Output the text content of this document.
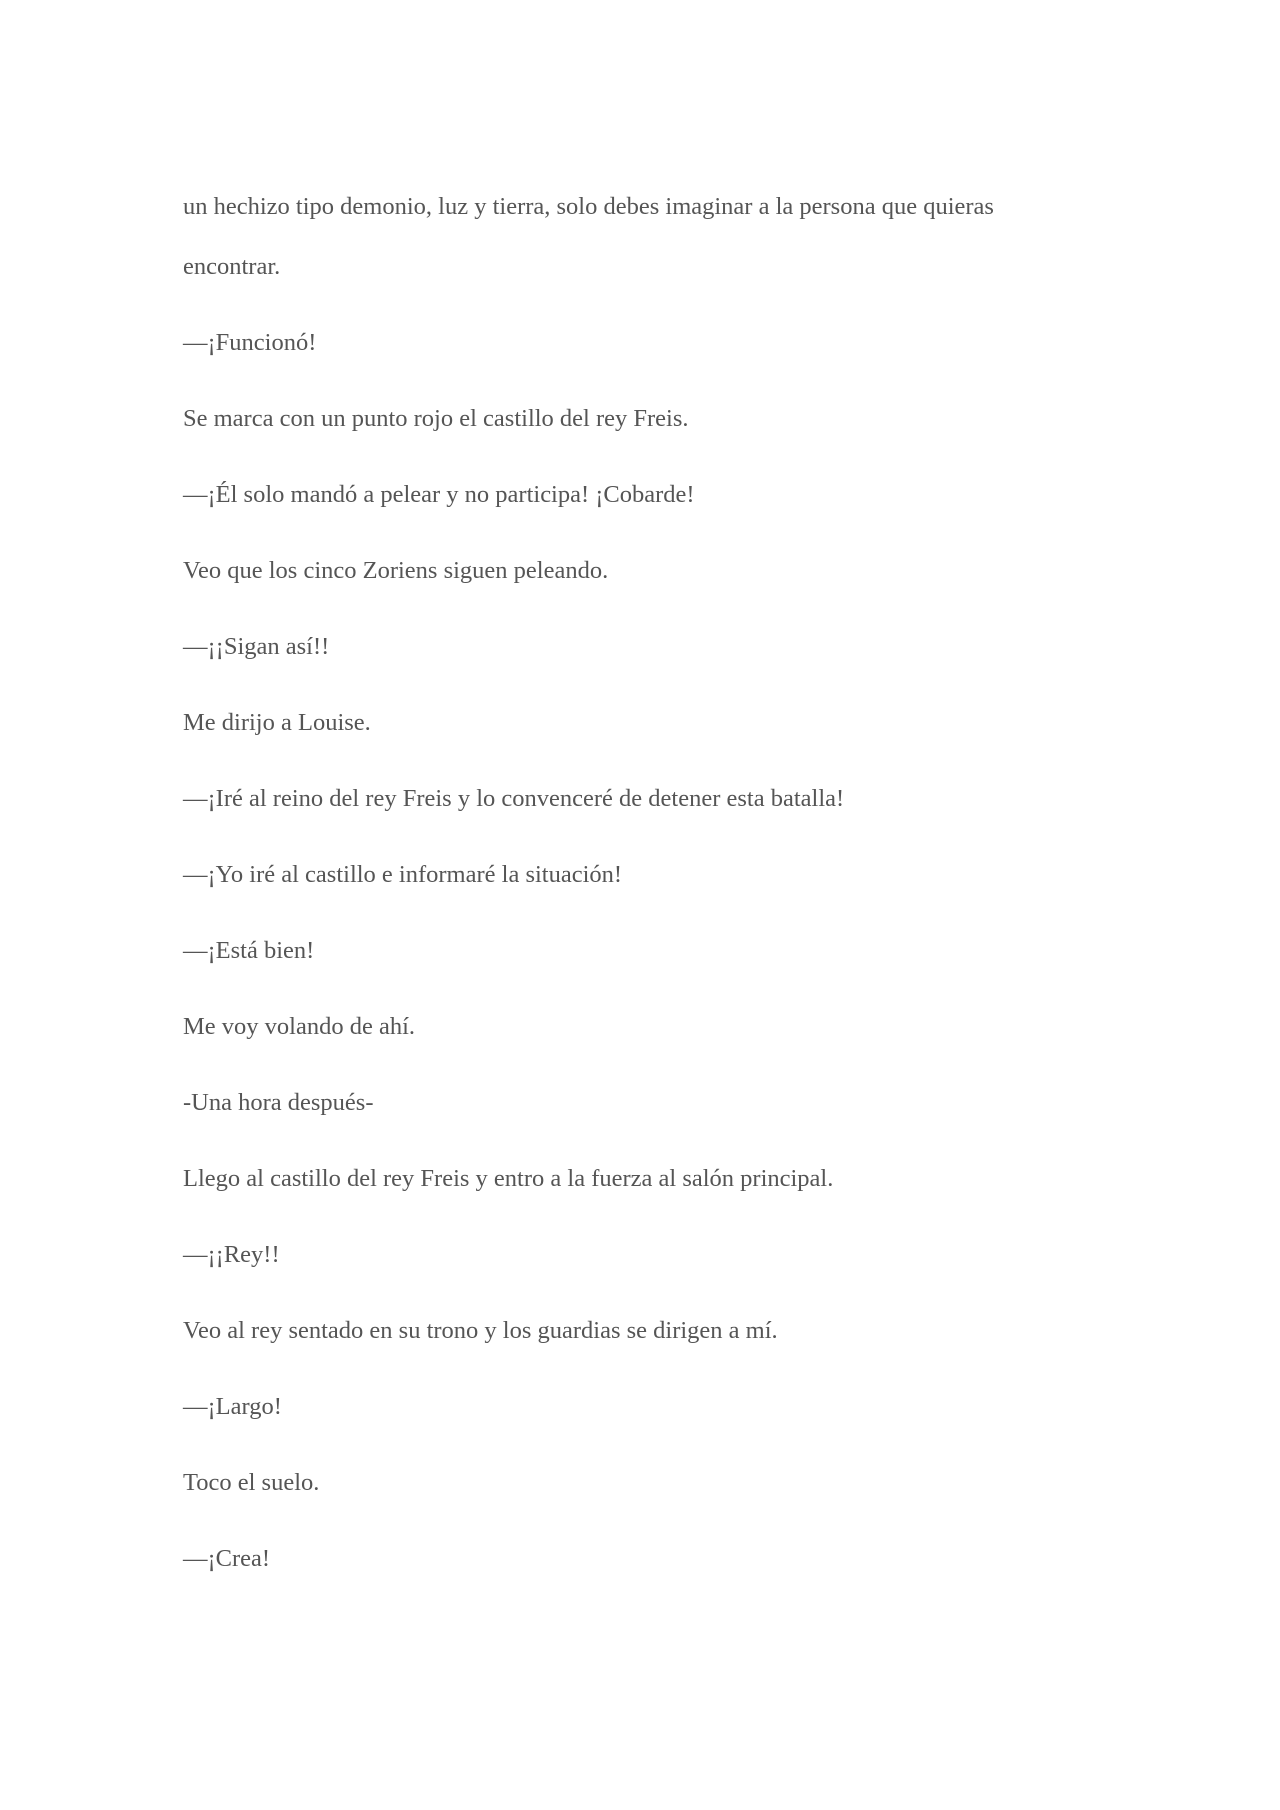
un hechizo tipo demonio, luz y tierra, solo debes imaginar a la persona que quieras encontrar.

—¡Funcionó!

Se marca con un punto rojo el castillo del rey Freis.

—¡Él solo mandó a pelear y no participa! ¡Cobarde!

Veo que los cinco Zoriens siguen peleando.

—¡¡Sigan así!!

Me dirijo a Louise.

—¡Iré al reino del rey Freis y lo convenceré de detener esta batalla!

—¡Yo iré al castillo e informaré la situación!

—¡Está bien!

Me voy volando de ahí.

-Una hora después-

Llego al castillo del rey Freis y entro a la fuerza al salón principal.

—¡¡Rey!!

Veo al rey sentado en su trono y los guardias se dirigen a mí.

—¡Largo!

Toco el suelo.

—¡Crea!
